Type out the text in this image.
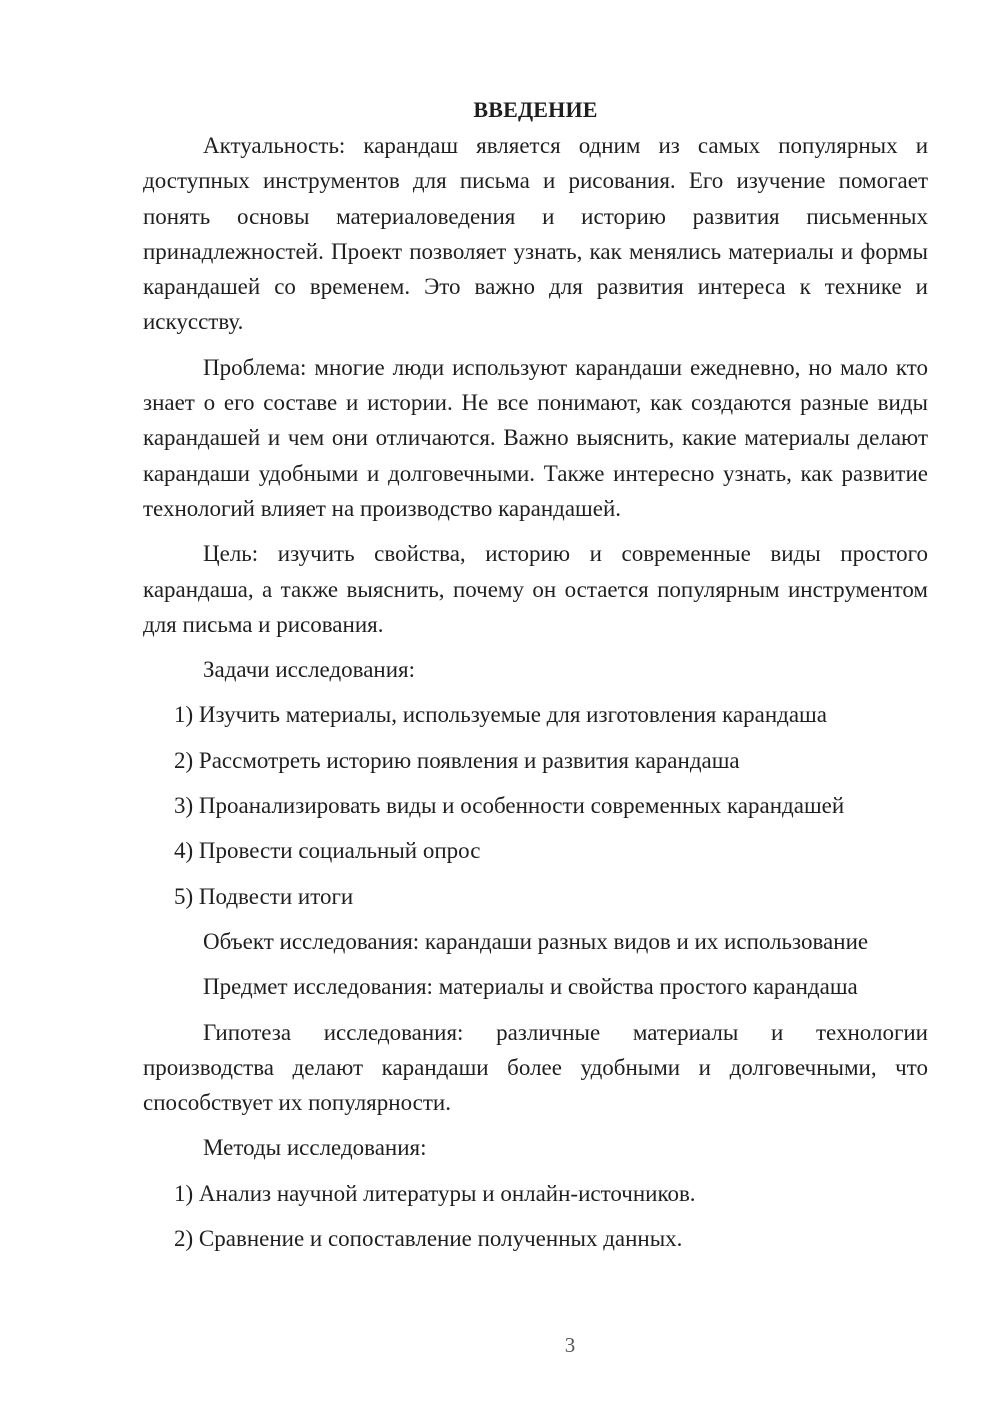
ВВЕДЕНИЕ

Актуальность: карандаш является одним из самых популярных и доступных инструментов для письма и рисования. Его изучение помогает понять основы материаловедения и историю развития письменных принадлежностей. Проект позволяет узнать, как менялись материалы и формы карандашей со временем. Это важно для развития интереса к технике и искусству.

Проблема: многие люди используют карандаши ежедневно, но мало кто знает о его составе и истории. Не все понимают, как создаются разные виды карандашей и чем они отличаются. Важно выяснить, какие материалы делают карандаши удобными и долговечными. Также интересно узнать, как развитие технологий влияет на производство карандашей.

Цель: изучить свойства, историю и современные виды простого карандаша, а также выяснить, почему он остается популярным инструментом для письма и рисования.

Задачи исследования:
1) Изучить материалы, используемые для изготовления карандаша
2) Рассмотреть историю появления и развития карандаша
3) Проанализировать виды и особенности современных карандашей
4) Провести социальный опрос
5) Подвести итоги
Объект исследования: карандаши разных видов и их использование
Предмет исследования: материалы и свойства простого карандаша

Гипотеза исследования: различные материалы и технологии производства делают карандаши более удобными и долговечными, что способствует их популярности.

Методы исследования:
1) Анализ научной литературы и онлайн-источников.
2) Сравнение и сопоставление полученных данных.
3
